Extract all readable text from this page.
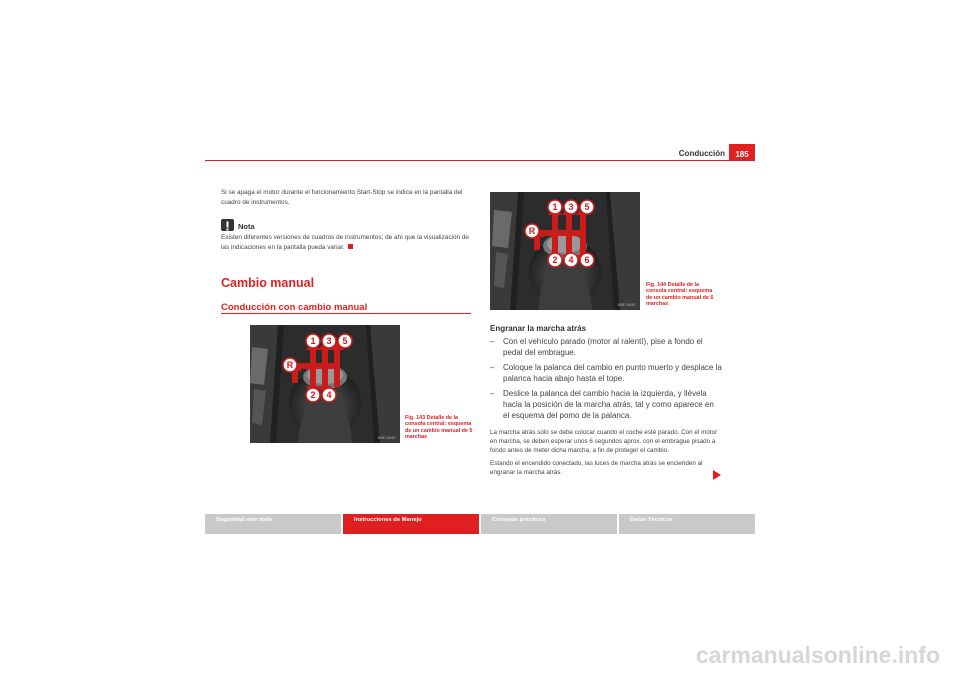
Conducción	185
Si se apaga el motor durante el funcionamiento Start-Stop se indica en la pantalla del cuadro de instrumentos.
Nota
Existen diferentes versiones de cuadros de instrumentos; de ahí que la visualización de las indicaciones en la pantalla pueda variar.
Cambio manual
Conducción con cambio manual
1 3 5
R
2 4
B5F-0430
Fig. 143 Detalle de la consola central: esquema de un cambio manual de 5 marchas
1 3 5
R
2 4 6
B5F-0431
Fig. 144 Detalle de la consola central: esquema de un cambio manual de 6 marchas
Engranar la marcha atrás
–	Con el vehículo parado (motor al ralentí), pise a fondo el pedal del embrague.
–	Coloque la palanca del cambio en punto muerto y desplace la palanca hacia abajo hasta el tope.
–	Deslice la palanca del cambio hacia la izquierda, y llévela hacia la posición de la marcha atrás, tal y como aparece en el esquema del pomo de la palanca.
La marcha atrás sólo se debe colocar cuando el coche esté parado. Con el motor en marcha, se deben esperar unos 6 segundos aprox. con el embrague pisado a fondo antes de meter dicha marcha, a fin de proteger el cambio.
Estando el encendido conectado, las luces de marcha atrás se encienden al engranar la marcha atrás.
Seguridad ante todo	Instrucciones de Manejo	Consejos prácticos	Datos Técnicos
carmanualsonline.info
